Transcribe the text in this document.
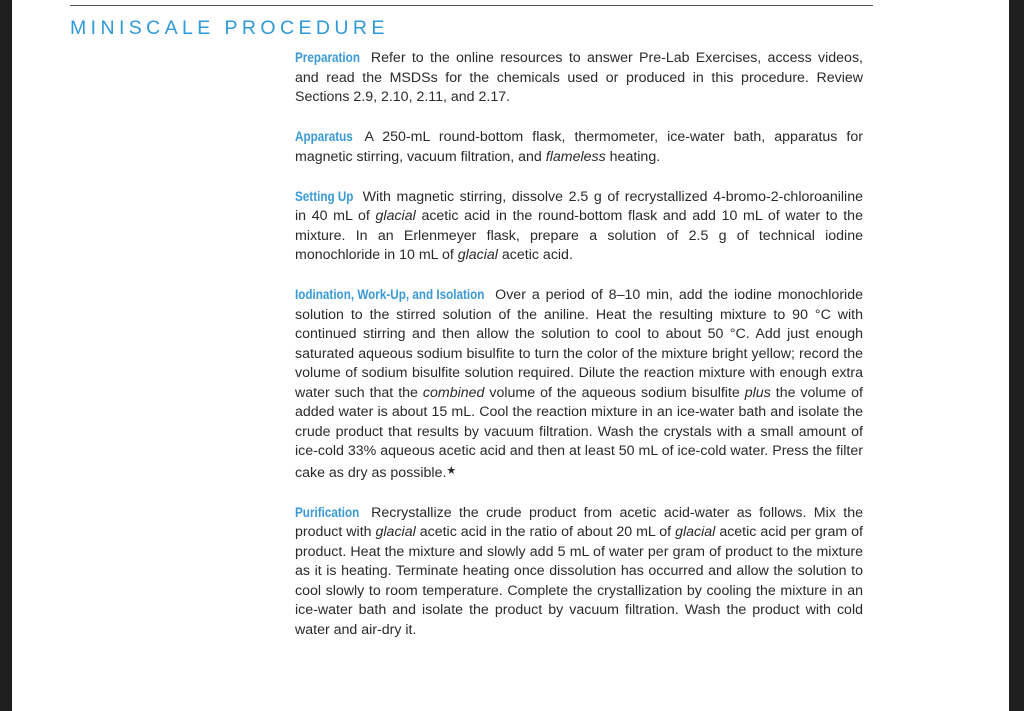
MINISCALE PROCEDURE

Preparation Refer to the online resources to answer Pre-Lab Exercises, access videos, and read the MSDSs for the chemicals used or produced in this procedure. Review Sections 2.9, 2.10, 2.11, and 2.17.

Apparatus A 250-mL round-bottom flask, thermometer, ice-water bath, apparatus for magnetic stirring, vacuum filtration, and flameless heating.

Setting Up With magnetic stirring, dissolve 2.5 g of recrystallized 4-bromo-2-chloroaniline in 40 mL of glacial acetic acid in the round-bottom flask and add 10 mL of water to the mixture. In an Erlenmeyer flask, prepare a solution of 2.5 g of technical iodine monochloride in 10 mL of glacial acetic acid.

Iodination, Work-Up, and Isolation Over a period of 8–10 min, add the iodine monochloride solution to the stirred solution of the aniline. Heat the resulting mixture to 90 °C with continued stirring and then allow the solution to cool to about 50 °C. Add just enough saturated aqueous sodium bisulfite to turn the color of the mixture bright yellow; record the volume of sodium bisulfite solution required. Dilute the reaction mixture with enough extra water such that the combined volume of the aqueous sodium bisulfite plus the volume of added water is about 15 mL. Cool the reaction mixture in an ice-water bath and isolate the crude product that results by vacuum filtration. Wash the crystals with a small amount of ice-cold 33% aqueous acetic acid and then at least 50 mL of ice-cold water. Press the filter cake as dry as possible.★

Purification Recrystallize the crude product from acetic acid-water as follows. Mix the product with glacial acetic acid in the ratio of about 20 mL of glacial acetic acid per gram of product. Heat the mixture and slowly add 5 mL of water per gram of product to the mixture as it is heating. Terminate heating once dissolution has occurred and allow the solution to cool slowly to room temperature. Complete the crystallization by cooling the mixture in an ice-water bath and isolate the product by vacuum filtration. Wash the product with cold water and air-dry it.
